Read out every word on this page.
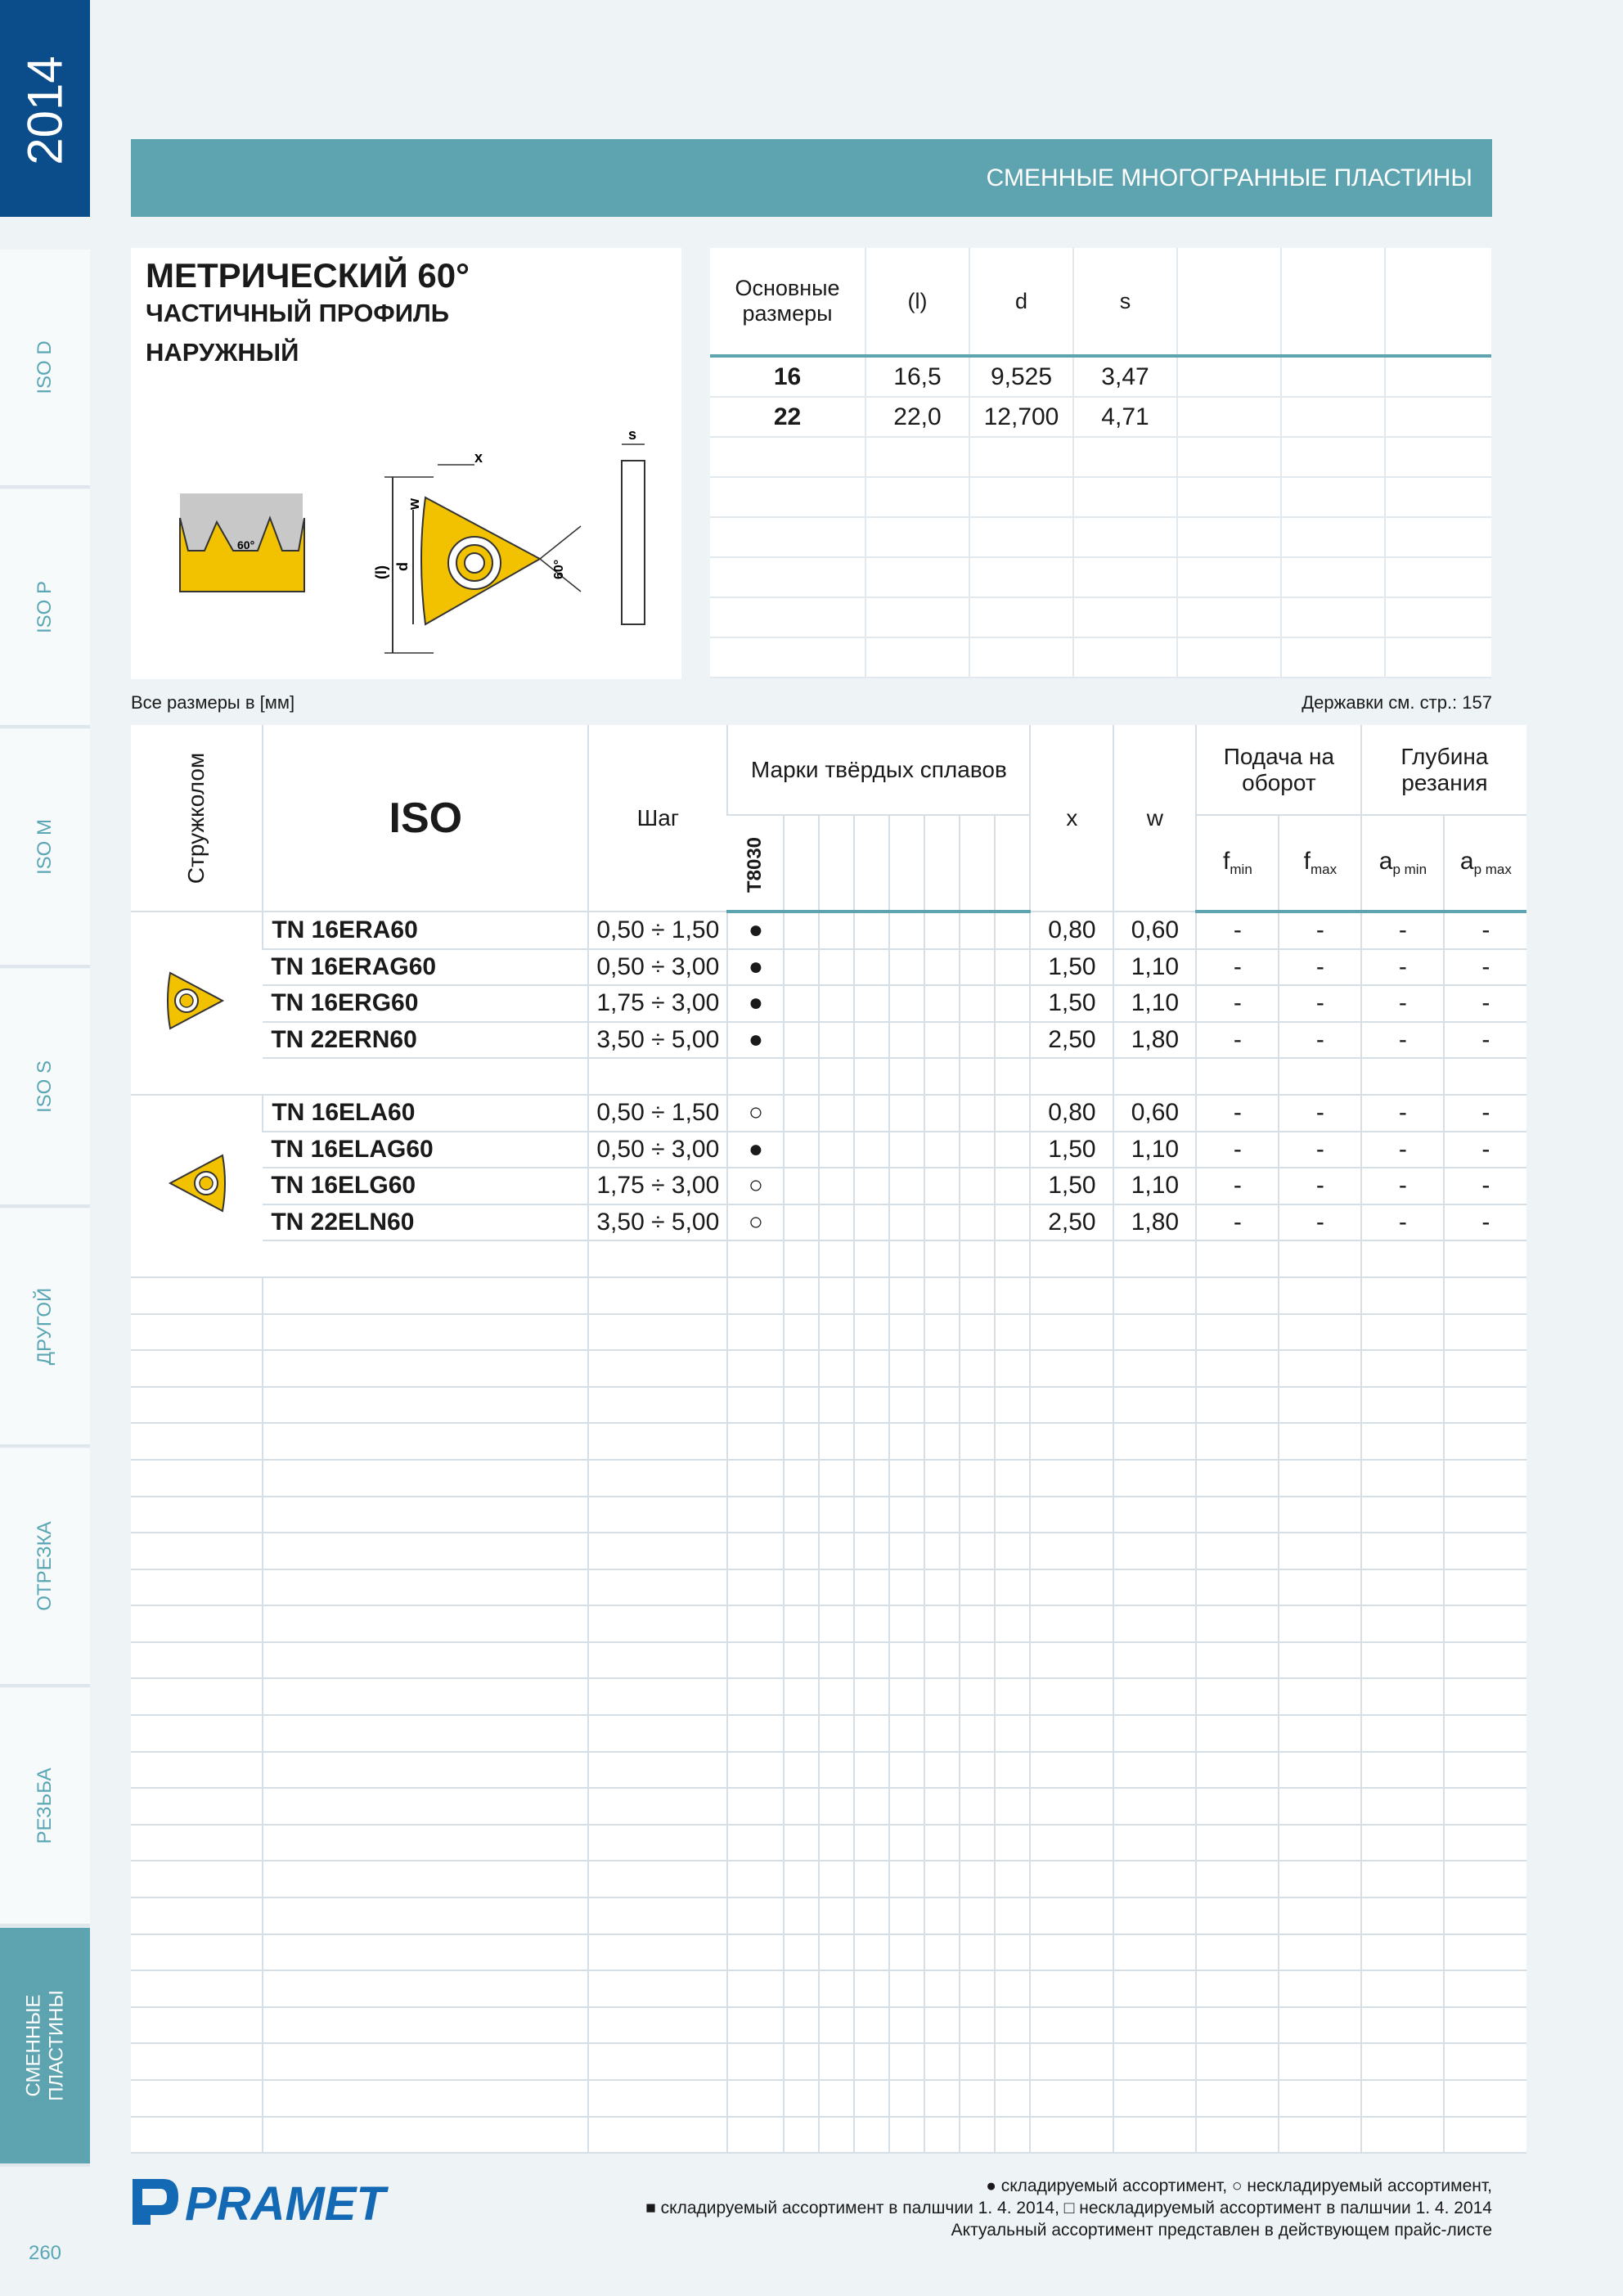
2014
ISO D
ISO P
ISO M
ISO S
ДРУГОЙ
ОТРЕЗКА
РЕЗЬБА
СМЕННЫЕ ПЛАСТИНЫ
260
СМЕННЫЕ МНОГОГРАННЫЕ ПЛАСТИНЫ
МЕТРИЧЕСКИЙ 60°
ЧАСТИЧНЫЙ ПРОФИЛЬ
НАРУЖНЫЙ
60°
x
w
(l) d	60°
s
Основные размеры	(l)	d	s			
16	16,5	9,525	3,47			
22	22,0	12,700	4,71			

Все размеры в [мм]	Державки см. стр.: 157
Стружколом	ISO	Шаг	Марки твёрдых сплавов								x	w	Подача на оборот		Глубина резания	
			T8030										$f_{min}$	$f_{max}$	$a_{p min}$	$a_{p max}$
	TN 16ERA60	0,50 ÷ 1,50	●								0,80	0,60	-	-	-	-
	TN 16ERAG60	0,50 ÷ 3,00	●								1,50	1,10	-	-	-	-
	TN 16ERG60	1,75 ÷ 3,00	●								1,50	1,10	-	-	-	-
	TN 22ERN60	3,50 ÷ 5,00	●								2,50	1,80	-	-	-	-

	TN 16ELA60	0,50 ÷ 1,50	○								0,80	0,60	-	-	-	-
	TN 16ELAG60	0,50 ÷ 3,00	●								1,50	1,10	-	-	-	-
	TN 16ELG60	1,75 ÷ 3,00	○								1,50	1,10	-	-	-	-
	TN 22ELN60	3,50 ÷ 5,00	○								2,50	1,80	-	-	-	-

PRAMET	● складируемый ассортимент, ○ нескладируемый ассортимент,
■ складируемый ассортимент в палшчии 1. 4. 2014, □ нескладируемый ассортимент в палшчии 1. 4. 2014
Актуальный ассортимент представлен в действующем прайс-листе
